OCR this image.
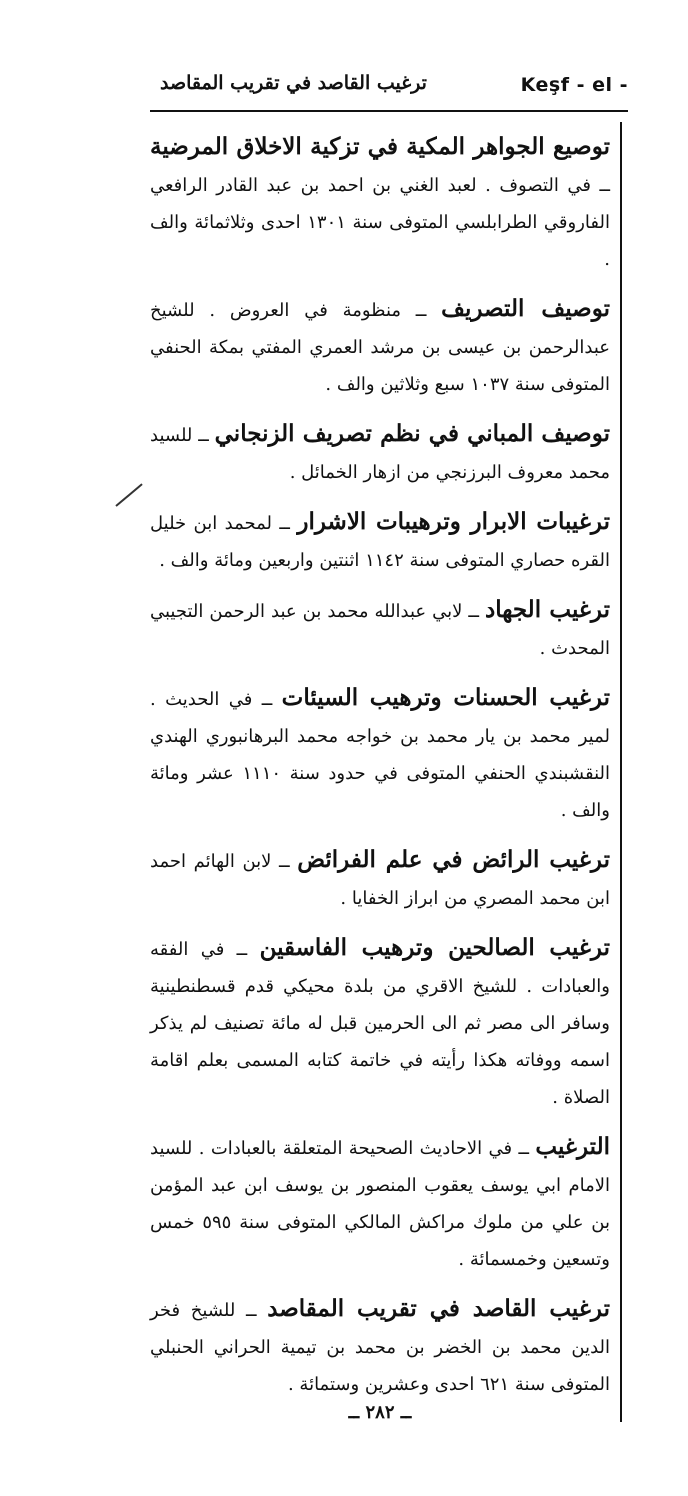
ترغيب القاصد في تقريب المقاصد	Keşf - el -

توصيع الجواهر المكية في تزكية الاخلاق المرضية ــ في التصوف . لعبد الغني بن احمد بن عبد القادر الرافعي الفاروقي الطرابلسي المتوفى سنة ١٣٠١ احدى وثلاثمائة والف .

توصيف التصريف ــ منظومة في العروض . للشيخ عبدالرحمن بن عيسى بن مرشد العمري المفتي بمكة الحنفي المتوفى سنة ١٠٣٧ سبع وثلاثين والف .

توصيف المباني في نظم تصريف الزنجاني ــ للسيد محمد معروف البرزنجي من ازهار الخمائل .

ترغيبات الابرار وترهيبات الاشرار ــ لمحمد ابن خليل القره حصاري المتوفى سنة ١١٤٢ اثنتين واربعين ومائة والف .

ترغيب الجهاد ــ لابي عبدالله محمد بن عبد الرحمن التجيبي المحدث .

ترغيب الحسنات وترهيب السيئات ــ في الحديث . لمير محمد بن يار محمد بن خواجه محمد البرهانبوري الهندي النقشبندي الحنفي المتوفى في حدود سنة ١١١٠ عشر ومائة والف .

ترغيب الرائض في علم الفرائض ــ لابن الهائم احمد ابن محمد المصري من ابراز الخفايا .

ترغيب الصالحين وترهيب الفاسقين ــ في الفقه والعبادات . للشيخ الاقري من بلدة محيكي قدم قسطنطينية وسافر الى مصر ثم الى الحرمين قبل له مائة تصنيف لم يذكر اسمه ووفاته هكذا رأيته في خاتمة كتابه المسمى بعلم اقامة الصلاة .

الترغيب ــ في الاحاديث الصحيحة المتعلقة بالعبادات . للسيد الامام ابي يوسف يعقوب المنصور بن يوسف ابن عبد المؤمن بن علي من ملوك مراكش المالكي المتوفى سنة ٥٩٥ خمس وتسعين وخمسمائة .

ترغيب القاصد في تقريب المقاصد ــ للشيخ فخر الدين محمد بن الخضر بن محمد بن تيمية الحراني الحنبلي المتوفى سنة ٦٢١ احدى وعشرين وستمائة .

ــ ٢٨٢ ــ
